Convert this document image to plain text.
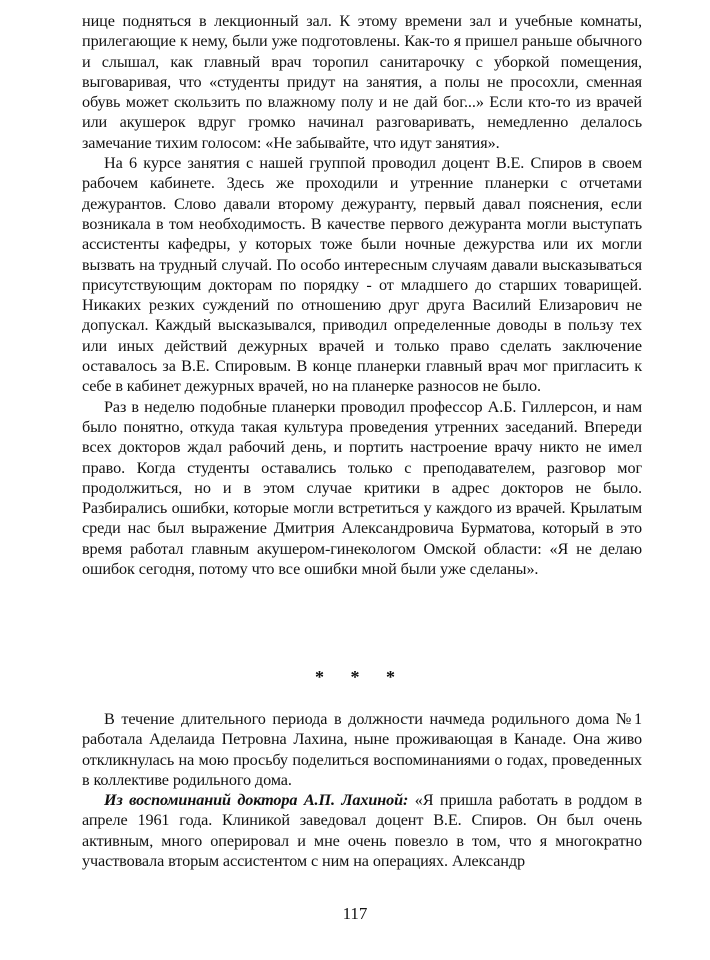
нице подняться в лекционный зал. К этому времени зал и учебные комнаты, прилегающие к нему, были уже подготовлены. Как-то я пришел раньше обычного и слышал, как главный врач торопил санитарочку с уборкой помещения, выговаривая, что «студенты придут на занятия, а полы не просохли, сменная обувь может скользить по влажному полу и не дай бог...» Если кто-то из врачей или акушерок вдруг громко начинал разговаривать, немедленно делалось замечание тихим голосом: «Не забывайте, что идут занятия».

На 6 курсе занятия с нашей группой проводил доцент В.Е. Спиров в своем рабочем кабинете. Здесь же проходили и утренние планерки с отчетами дежурантов. Слово давали второму дежуранту, первый давал пояснения, если возникала в том необходимость. В качестве первого дежуранта могли выступать ассистенты кафедры, у которых тоже были ночные дежурства или их могли вызвать на трудный случай. По особо интересным случаям давали высказываться присутствующим докторам по порядку - от младшего до старших товарищей. Никаких резких суждений по отношению друг друга Василий Елизарович не допускал. Каждый высказывался, приводил определенные доводы в пользу тех или иных действий дежурных врачей и только право сделать заключение оставалось за В.Е. Спировым. В конце планерки главный врач мог пригласить к себе в кабинет дежурных врачей, но на планерке разносов не было.

Раз в неделю подобные планерки проводил профессор А.Б. Гиллерсон, и нам было понятно, откуда такая культура проведения утренних заседаний. Впереди всех докторов ждал рабочий день, и портить настроение врачу никто не имел право. Когда студенты оставались только с преподавателем, разговор мог продолжиться, но и в этом случае критики в адрес докторов не было. Разбирались ошибки, которые могли встретиться у каждого из врачей. Крылатым среди нас был выражение Дмитрия Александровича Бурматова, который в это время работал главным акушером-гинекологом Омской области: «Я не делаю ошибок сегодня, потому что все ошибки мной были уже сделаны».

* * *

В течение длительного периода в должности начмеда родильного дома №1 работала Аделаида Петровна Лахина, ныне проживающая в Канаде. Она живо откликнулась на мою просьбу поделиться воспоминаниями о годах, проведенных в коллективе родильного дома.

Из воспоминаний доктора А.П. Лахиной: «Я пришла работать в роддом в апреле 1961 года. Клиникой заведовал доцент В.Е. Спиров. Он был очень активным, много оперировал и мне очень повезло в том, что я многократно участвовала вторым ассистентом с ним на операциях. Александр

117
